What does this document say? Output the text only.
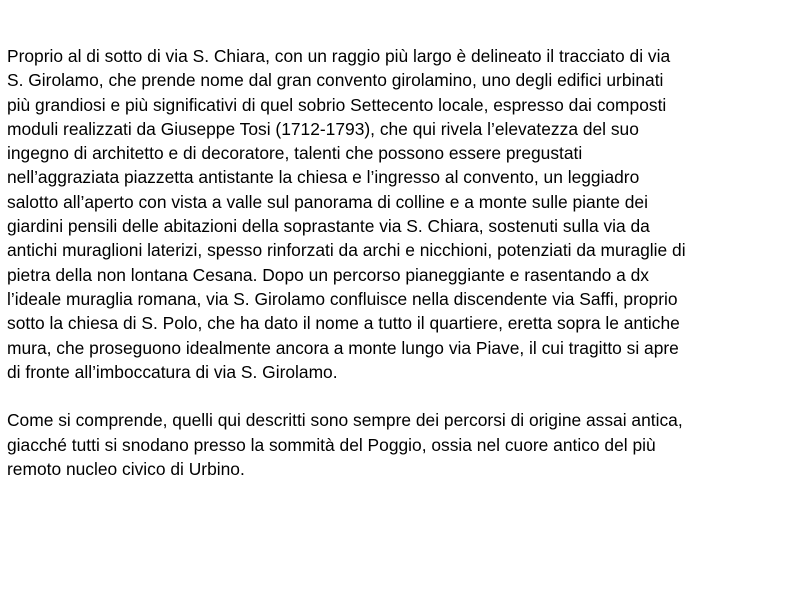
Proprio al di sotto di via S. Chiara, con un raggio più largo è delineato il tracciato di via
S. Girolamo, che prende nome dal gran convento girolamino, uno degli edifici urbinati
più grandiosi e più significativi di quel sobrio Settecento locale, espresso dai composti
moduli realizzati da Giuseppe Tosi (1712-1793), che qui rivela l’elevatezza del suo
ingegno di architetto e di decoratore, talenti che possono essere pregustati
nell’aggraziata piazzetta antistante la chiesa e l’ingresso al convento, un leggiadro
salotto all’aperto con vista a valle sul panorama di colline e a monte sulle piante dei
giardini pensili delle abitazioni della soprastante via S. Chiara, sostenuti sulla via da
antichi muraglioni laterizi, spesso rinforzati da archi e nicchioni, potenziati da muraglie di
pietra della non lontana Cesana. Dopo un percorso pianeggiante e rasentando a dx
l’ideale muraglia romana, via S. Girolamo confluisce nella discendente via Saffi, proprio
sotto la chiesa di S. Polo, che ha dato il nome a tutto il quartiere, eretta sopra le antiche
mura, che proseguono idealmente ancora a monte lungo via Piave, il cui tragitto si apre
di fronte all’imboccatura di via S. Girolamo.
Come si comprende, quelli qui descritti sono sempre dei percorsi di origine assai antica,
giacché tutti si snodano presso la sommità del Poggio, ossia nel cuore antico del più
remoto nucleo civico di Urbino.
